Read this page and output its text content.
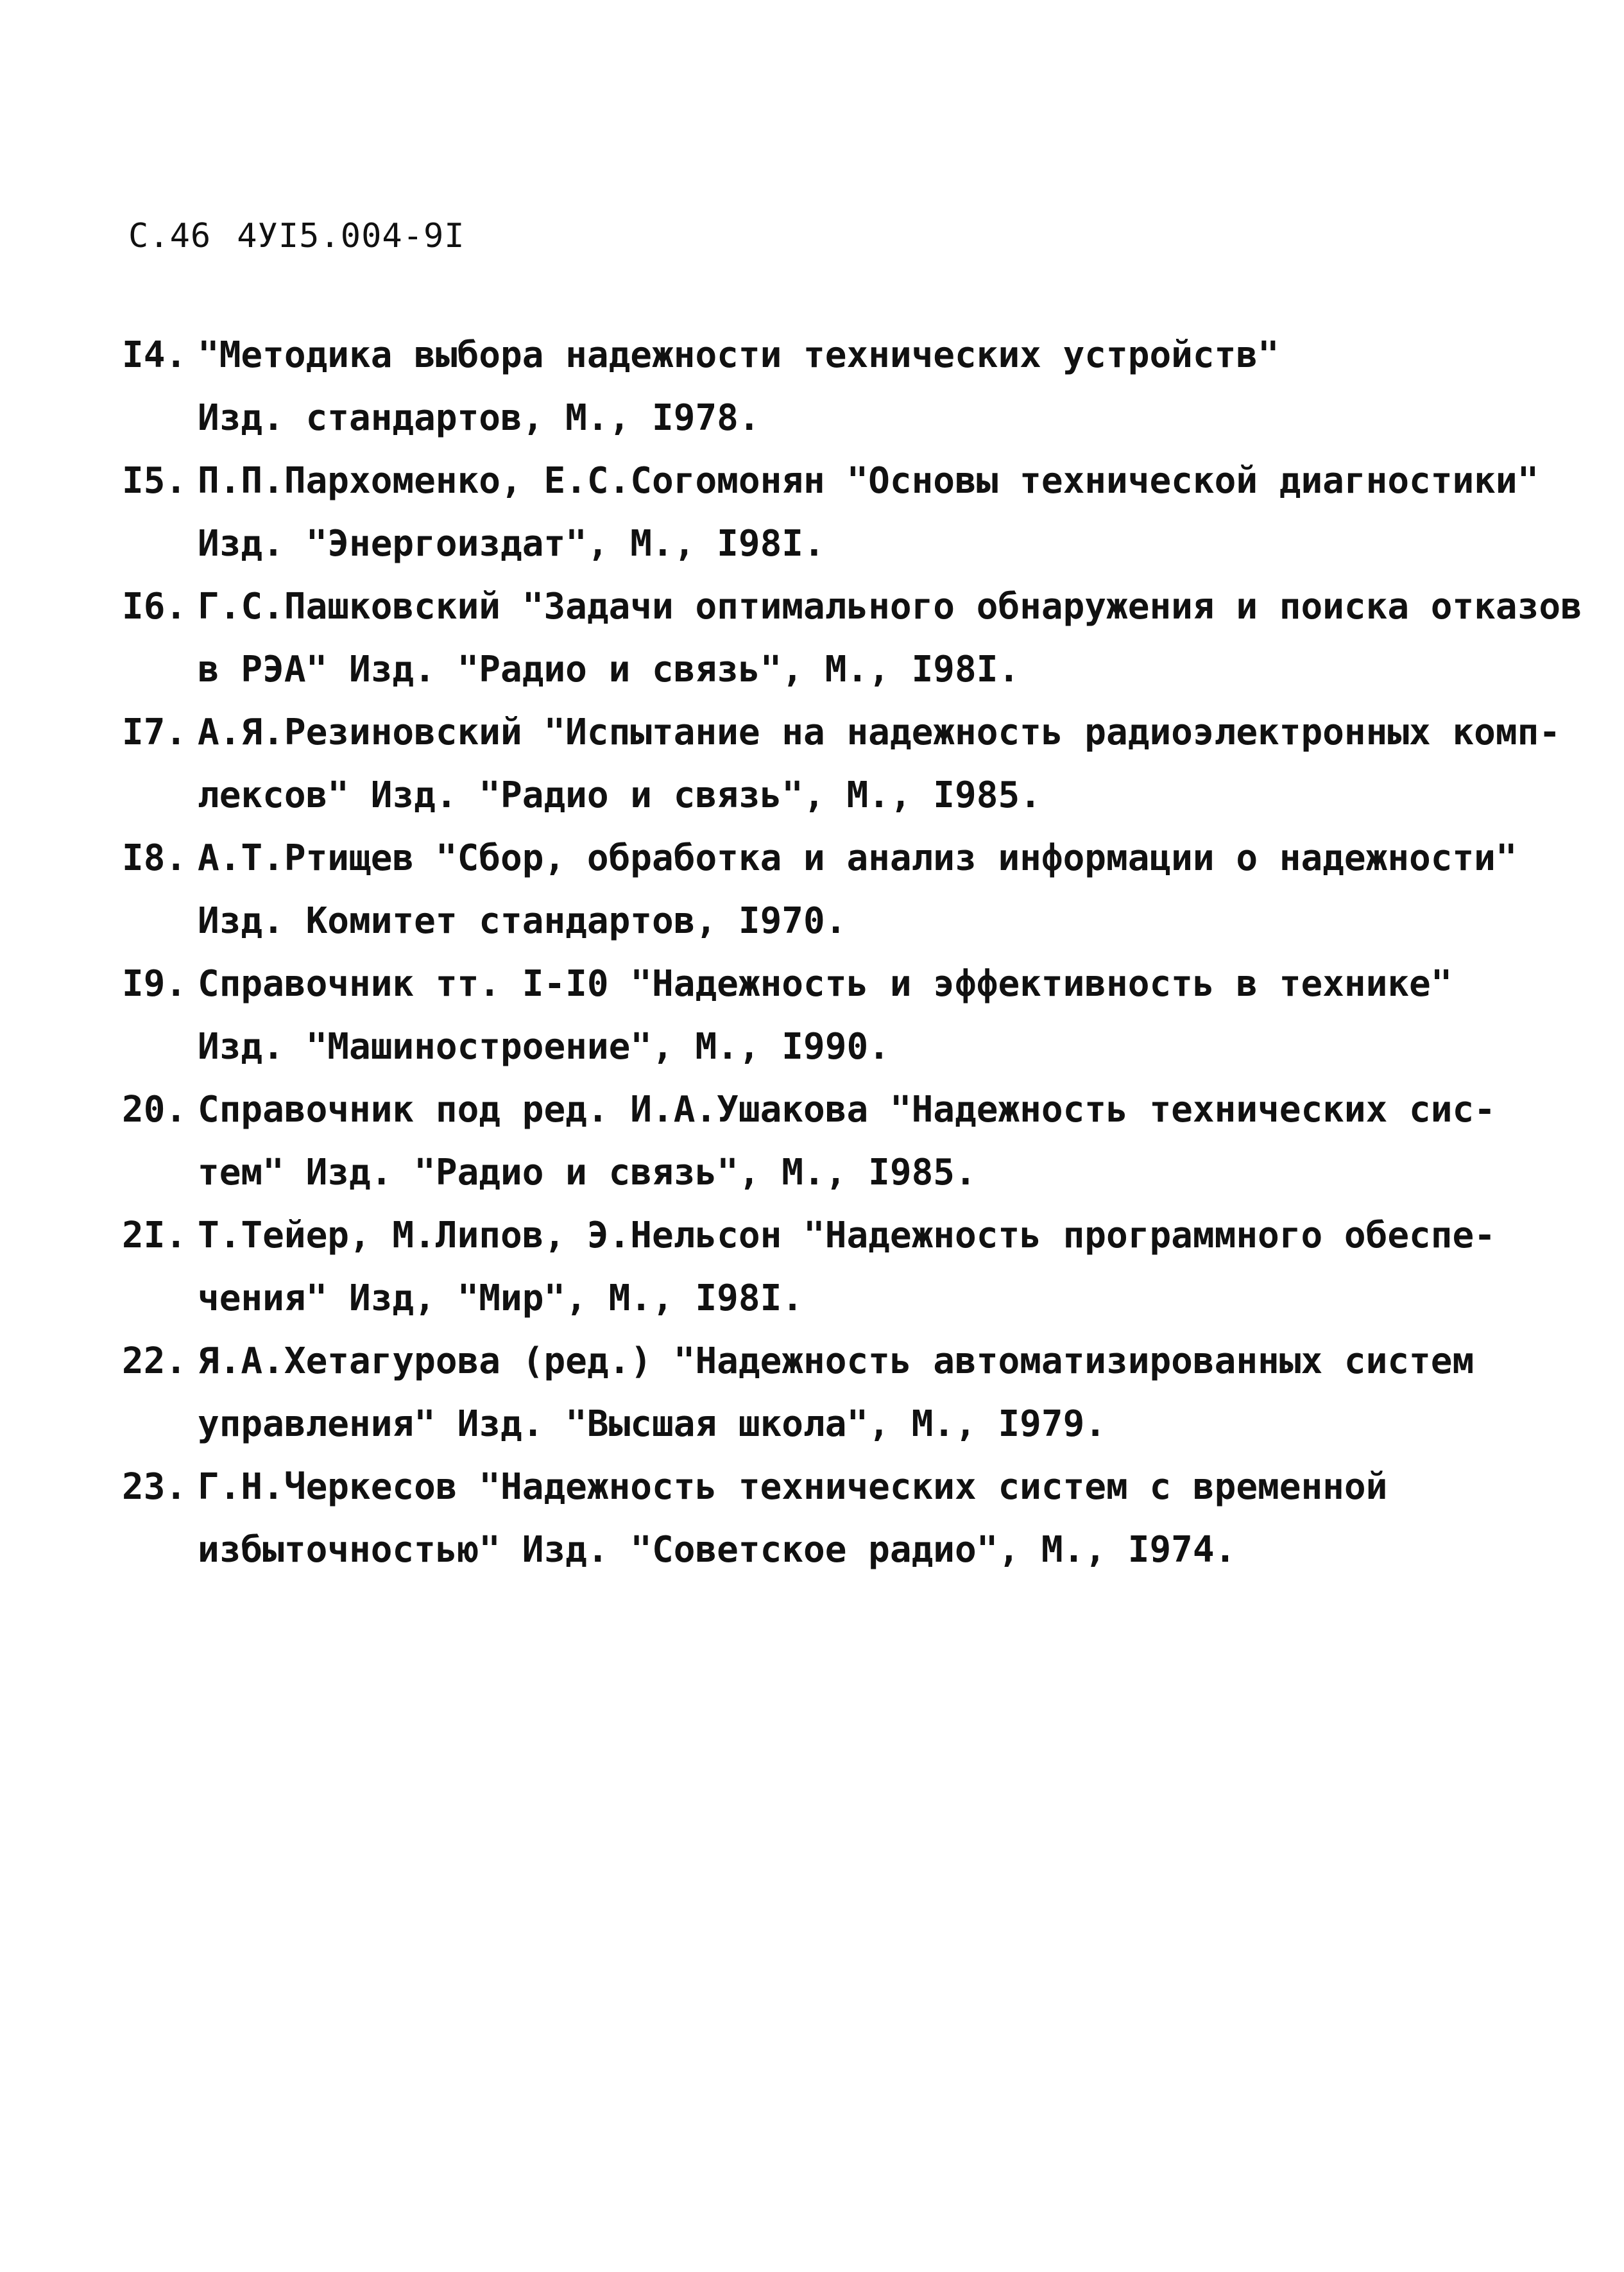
С.46 4УI5.004-9I
I4. "Методика выбора надежности технических устройств"
Изд. стандартов, М., I978.
I5. П.П.Пархоменко, Е.С.Согомонян "Основы технической диагностики"
Изд. "Энергоиздат", М., I98I.
I6. Г.С.Пашковский "Задачи оптимального обнаружения и поиска отказов
в РЭА" Изд. "Радио и связь", М., I98I.
I7. А.Я.Резиновский "Испытание на надежность радиоэлектронных комп-
лексов" Изд. "Радио и связь", М., I985.
I8. А.Т.Ртищев "Сбор, обработка и анализ информации о надежности"
Изд. Комитет стандартов, I970.
I9. Справочник тт. I-I0 "Надежность и эффективность в технике"
Изд. "Машиностроение", М., I990.
20. Справочник под ред. И.А.Ушакова "Надежность технических сис-
тем" Изд. "Радио и связь", М., I985.
2I. Т.Тейер, М.Липов, Э.Нельсон "Надежность программного обеспе-
чения" Изд, "Мир", М., I98I.
22. Я.А.Хетагурова (ред.) "Надежность автоматизированных систем
управления" Изд. "Высшая школа", М., I979.
23. Г.Н.Черкесов "Надежность технических систем с временной
избыточностью" Изд. "Советское радио", М., I974.
